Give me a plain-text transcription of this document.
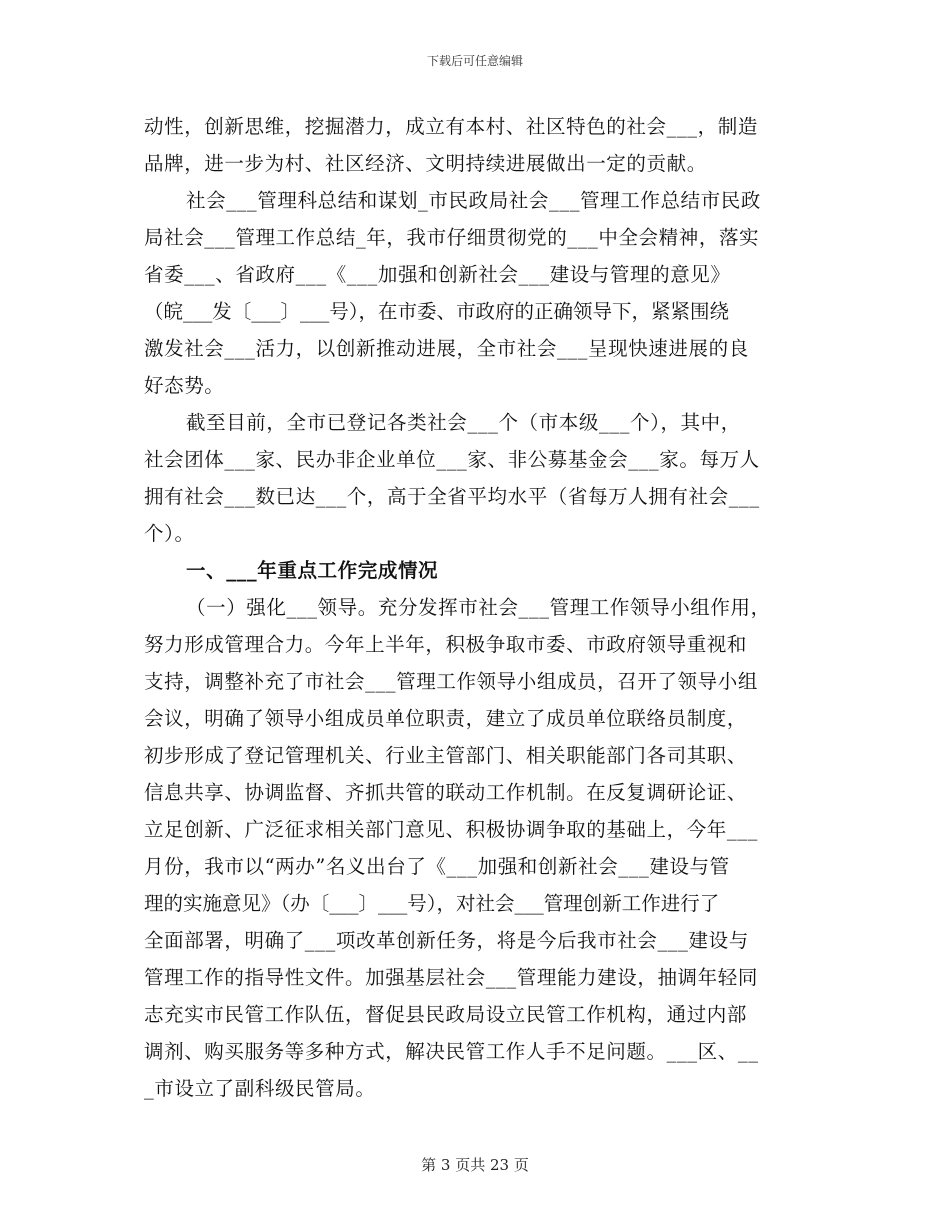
下载后可任意编辑
动性，创新思维，挖掘潜力，成立有本村、社区特色的社会___，制造
品牌，进一步为村、社区经济、文明持续进展做出一定的贡献。
社会___管理科总结和谋划_市民政局社会___管理工作总结市民政
局社会___管理工作总结_年，我市仔细贯彻党的___中全会精神，落实
省委___、省政府___《___加强和创新社会___建设与管理的意见》
（皖___发〔___〕___号），在市委、市政府的正确领导下，紧紧围绕
激发社会___活力，以创新推动进展，全市社会___呈现快速进展的良
好态势。
截至目前，全市已登记各类社会___个（市本级___个），其中，
社会团体___家、民办非企业单位___家、非公募基金会___家。每万人
拥有社会___数已达___个，高于全省平均水平（省每万人拥有社会___
个）。
一、___年重点工作完成情况
（一）强化___领导。充分发挥市社会___管理工作领导小组作用，
努力形成管理合力。今年上半年，积极争取市委、市政府领导重视和
支持，调整补充了市社会___管理工作领导小组成员，召开了领导小组
会议，明确了领导小组成员单位职责，建立了成员单位联络员制度，
初步形成了登记管理机关、行业主管部门、相关职能部门各司其职、
信息共享、协调监督、齐抓共管的联动工作机制。在反复调研论证、
立足创新、广泛征求相关部门意见、积极协调争取的基础上，今年___
月份，我市以“两办”名义出台了《___加强和创新社会___建设与管
理的实施意见》（办〔___〕___号），对社会___管理创新工作进行了
全面部署，明确了___项改革创新任务，将是今后我市社会___建设与
管理工作的指导性文件。加强基层社会___管理能力建设，抽调年轻同
志充实市民管工作队伍，督促县民政局设立民管工作机构，通过内部
调剂、购买服务等多种方式，解决民管工作人手不足问题。___区、__
_市设立了副科级民管局。
第 3 页共 23 页
